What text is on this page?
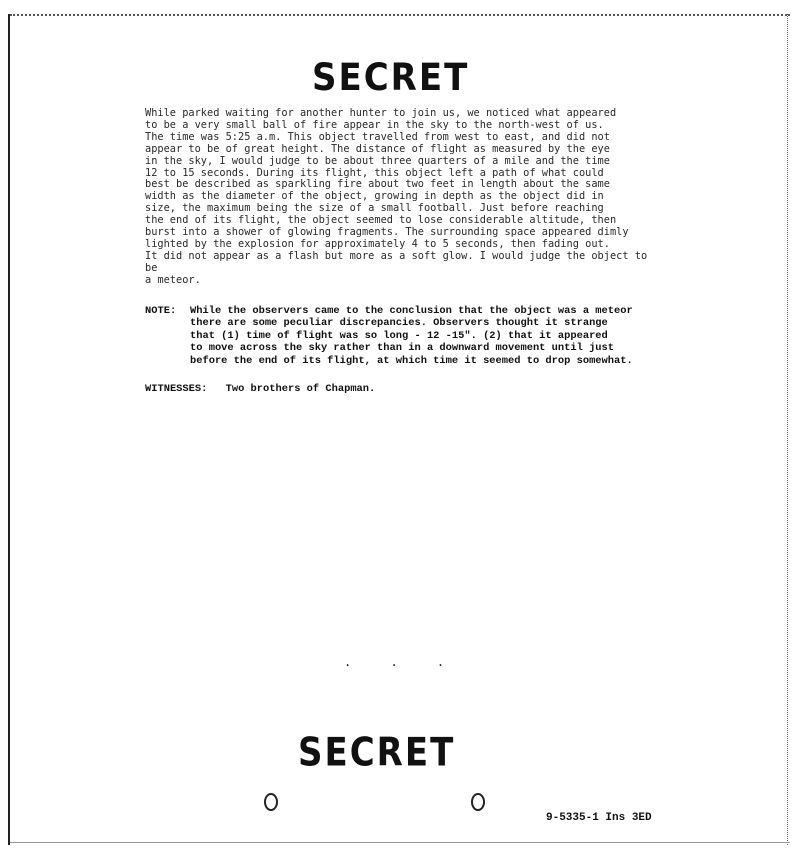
SECRET
While parked waiting for another hunter to join us, we noticed what appeared
to be a very small ball of fire appear in the sky to the north-west of us.
The time was 5:25 a.m. This object travelled from west to east, and did not
appear to be of great height. The distance of flight as measured by the eye
in the sky, I would judge to be about three quarters of a mile and the time
12 to 15 seconds. During its flight, this object left a path of what could
best be described as sparkling fire about two feet in length about the same
width as the diameter of the object, growing in depth as the object did in
size, the maximum being the size of a small football. Just before reaching
the end of its flight, the object seemed to lose considerable altitude, then
burst into a shower of glowing fragments. The surrounding space appeared dimly
lighted by the explosion for approximately 4 to 5 seconds, then fading out.
It did not appear as a flash but more as a soft glow. I would judge the object to be
a meteor.
NOTE: While the observers came to the conclusion that the object was a meteor
there are some peculiar discrepancies. Observers thought it strange
that (1) time of flight was so long - 12 -15". (2) that it appeared
to move across the sky rather than in a downward movement until just
before the end of its flight, at which time it seemed to drop somewhat.
WITNESSES: Two brothers of Chapman.
. . .
SECRET
9-5335-1 Ins 3ED
